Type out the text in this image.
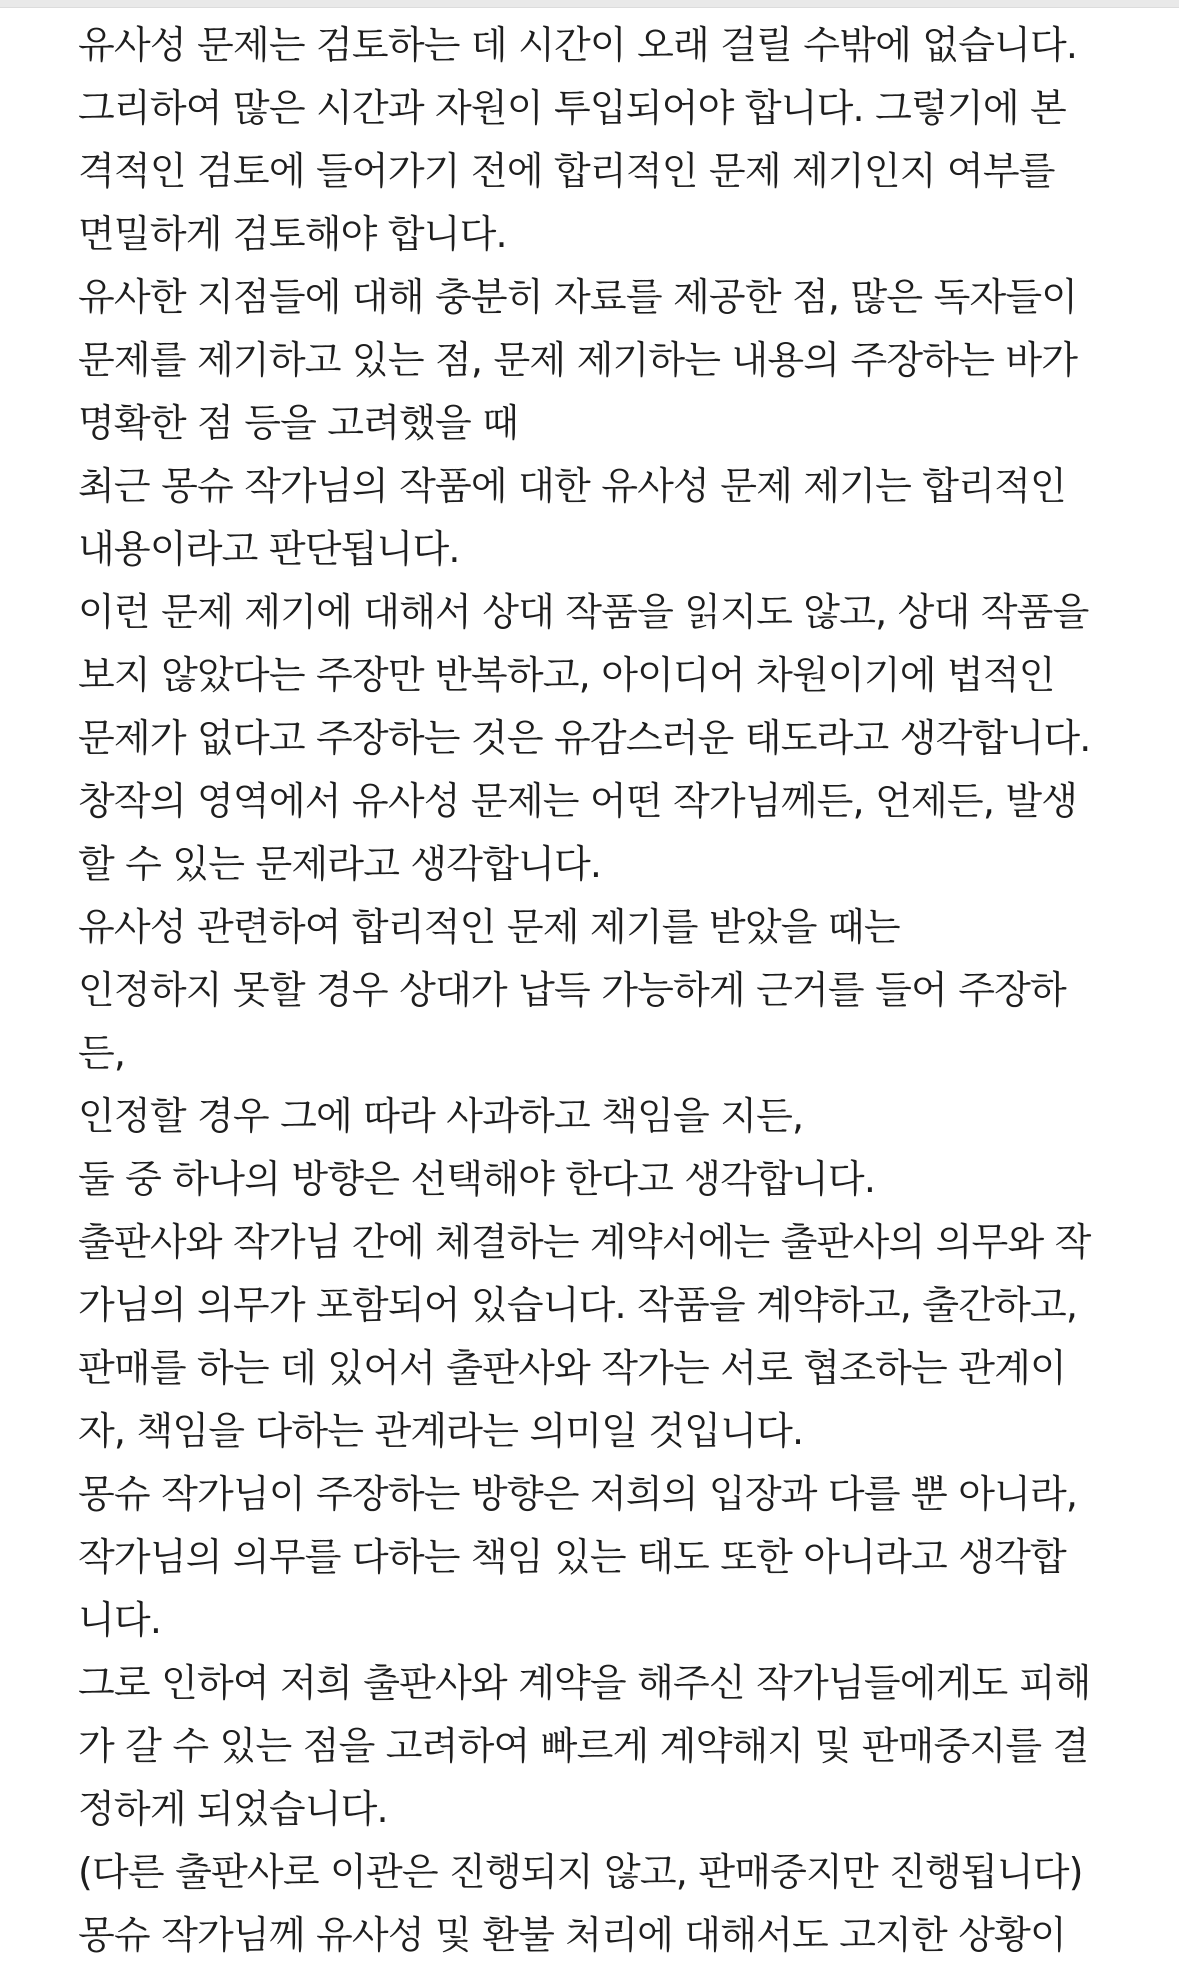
유사성 문제는 검토하는 데 시간이 오래 걸릴 수밖에 없습니다.
그리하여 많은 시간과 자원이 투입되어야 합니다. 그렇기에 본
격적인 검토에 들어가기 전에 합리적인 문제 제기인지 여부를
면밀하게 검토해야 합니다.
유사한 지점들에 대해 충분히 자료를 제공한 점, 많은 독자들이
문제를 제기하고 있는 점, 문제 제기하는 내용의 주장하는 바가
명확한 점 등을 고려했을 때
최근 몽슈 작가님의 작품에 대한 유사성 문제 제기는 합리적인
내용이라고 판단됩니다.
이런 문제 제기에 대해서 상대 작품을 읽지도 않고, 상대 작품을
보지 않았다는 주장만 반복하고, 아이디어 차원이기에 법적인
문제가 없다고 주장하는 것은 유감스러운 태도라고 생각합니다.
창작의 영역에서 유사성 문제는 어떤 작가님께든, 언제든, 발생
할 수 있는 문제라고 생각합니다.
유사성 관련하여 합리적인 문제 제기를 받았을 때는
인정하지 못할 경우 상대가 납득 가능하게 근거를 들어 주장하
든,
인정할 경우 그에 따라 사과하고 책임을 지든,
둘 중 하나의 방향은 선택해야 한다고 생각합니다.
출판사와 작가님 간에 체결하는 계약서에는 출판사의 의무와 작
가님의 의무가 포함되어 있습니다. 작품을 계약하고, 출간하고,
판매를 하는 데 있어서 출판사와 작가는 서로 협조하는 관계이
자, 책임을 다하는 관계라는 의미일 것입니다.
몽슈 작가님이 주장하는 방향은 저희의 입장과 다를 뿐 아니라,
작가님의 의무를 다하는 책임 있는 태도 또한 아니라고 생각합
니다.
그로 인하여 저희 출판사와 계약을 해주신 작가님들에게도 피해
가 갈 수 있는 점을 고려하여 빠르게 계약해지 및 판매중지를 결
정하게 되었습니다.
(다른 출판사로 이관은 진행되지 않고, 판매중지만 진행됩니다)
몽슈 작가님께 유사성 및 환불 처리에 대해서도 고지한 상황이
